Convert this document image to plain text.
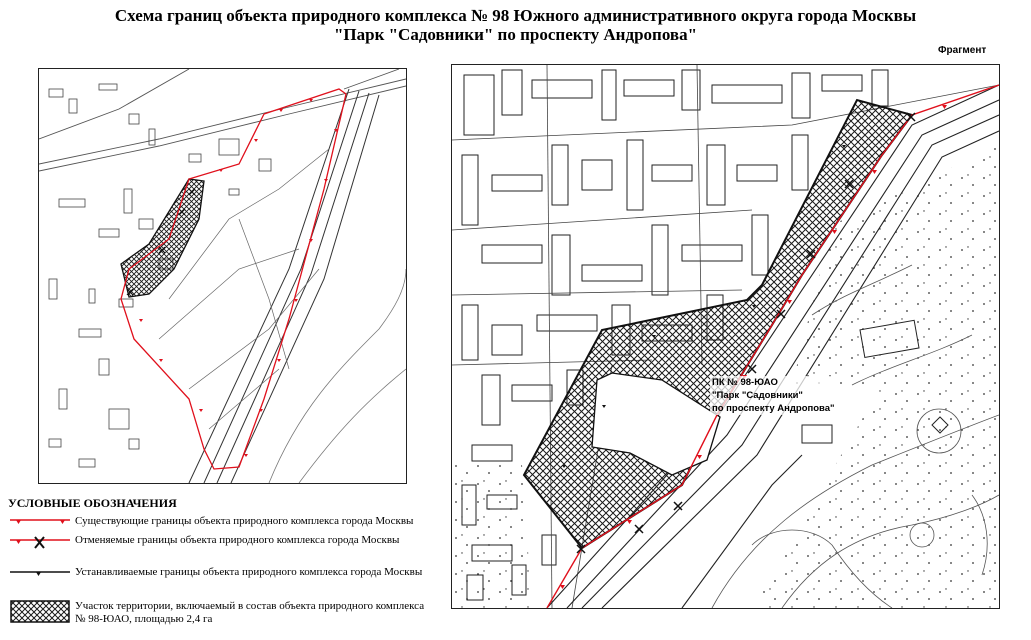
Схема границ объекта природного комплекса № 98 Южного административного округа города Москвы
"Парк "Садовники" по проспекту Андропова"
Фрагмент
ПК № 98-ЮАО
"Парк "Садовники"
по проспекту Андропова"
УСЛОВНЫЕ ОБОЗНАЧЕНИЯ
Существующие границы объекта природного комплекса города Москвы
Отменяемые границы объекта природного комплекса города Москвы
Устанавливаемые границы объекта природного комплекса города Москвы
Участок территории, включаемый в состав объекта природного комплекса № 98-ЮАО, площадью 2,4 га
